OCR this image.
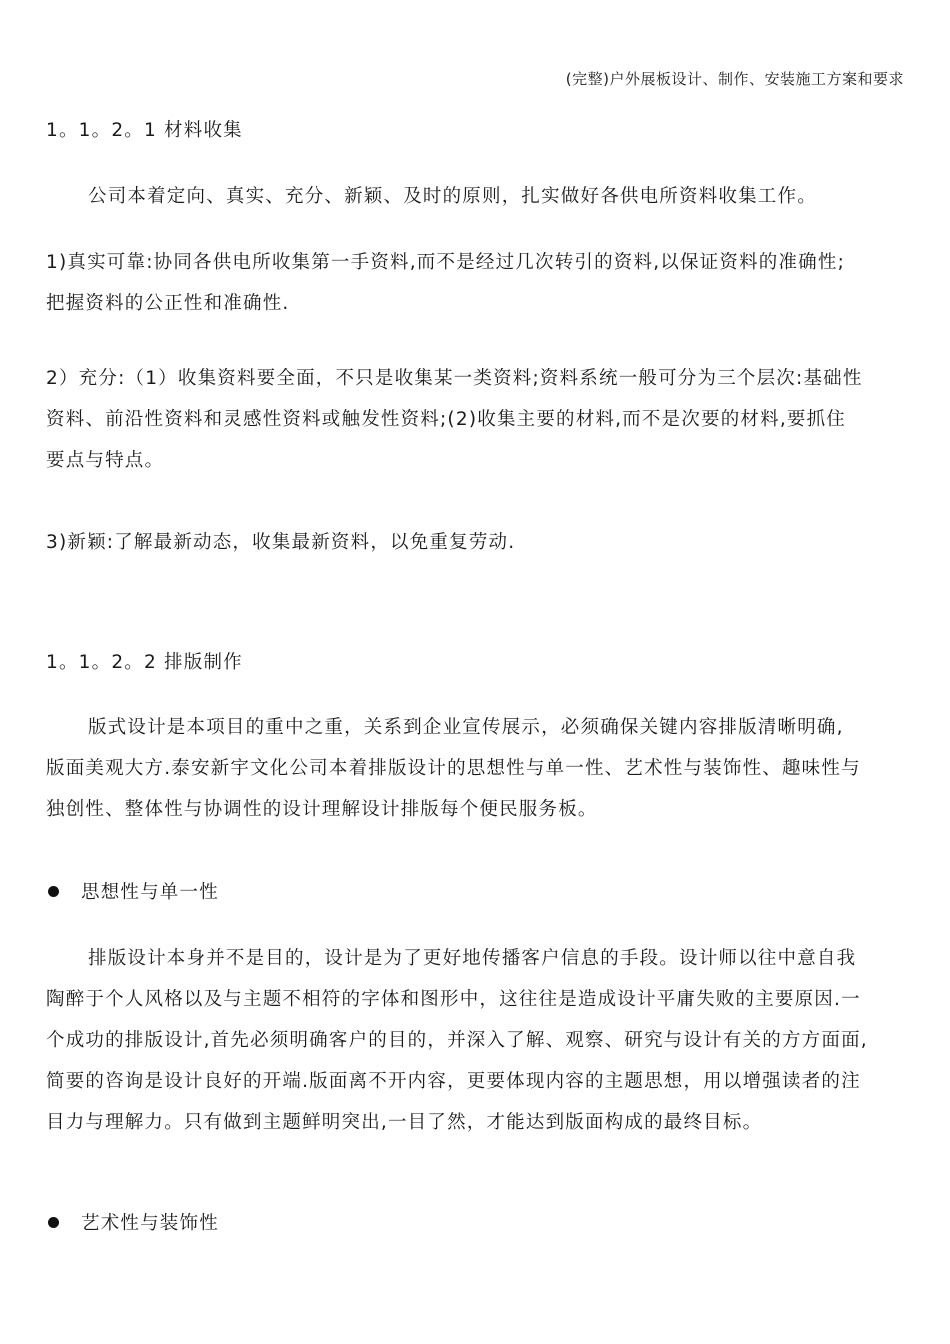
(完整)户外展板设计、制作、安装施工方案和要求
1。1。2。1 材料收集
公司本着定向、真实、充分、新颖、及时的原则，扎实做好各供电所资料收集工作。
1)真实可靠:协同各供电所收集第一手资料,而不是经过几次转引的资料,以保证资料的准确性;
把握资料的公正性和准确性.
2）充分:（1）收集资料要全面，不只是收集某一类资料;资料系统一般可分为三个层次:基础性
资料、前沿性资料和灵感性资料或触发性资料;(2)收集主要的材料,而不是次要的材料,要抓住
要点与特点。
3)新颖:了解最新动态，收集最新资料，以免重复劳动.
1。1。2。2 排版制作
版式设计是本项目的重中之重，关系到企业宣传展示，必须确保关键内容排版清晰明确,
版面美观大方.泰安新宇文化公司本着排版设计的思想性与单一性、艺术性与装饰性、趣味性与
独创性、整体性与协调性的设计理解设计排版每个便民服务板。
思想性与单一性
排版设计本身并不是目的，设计是为了更好地传播客户信息的手段。设计师以往中意自我
陶醉于个人风格以及与主题不相符的字体和图形中，这往往是造成设计平庸失败的主要原因.一
个成功的排版设计,首先必须明确客户的目的，并深入了解、观察、研究与设计有关的方方面面,
简要的咨询是设计良好的开端.版面离不开内容，更要体现内容的主题思想，用以增强读者的注
目力与理解力。只有做到主题鲜明突出,一目了然，才能达到版面构成的最终目标。
艺术性与装饰性
